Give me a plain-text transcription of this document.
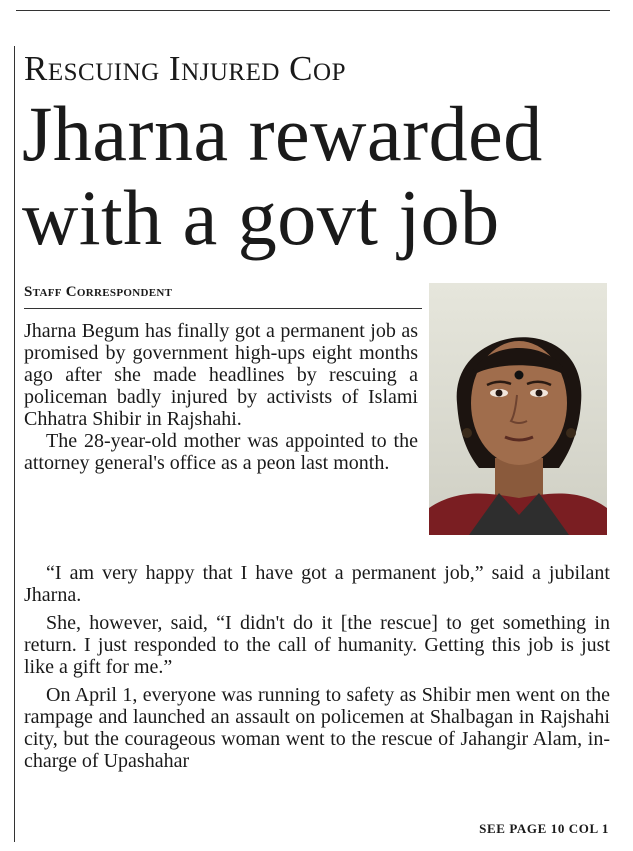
Rescuing Injured Cop
Jharna rewarded
with a govt job
Staff Correspondent

Jharna Begum has finally got a permanent job as promised by government high-ups eight months ago after she made headlines by rescuing a policeman badly injured by activists of Islami Chhatra Shibir in Rajshahi.

The 28-year-old mother was appointed to the attorney general's office as a peon last month.

“I am very happy that I have got a permanent job,” said a jubilant Jharna.

She, however, said, “I didn't do it [the rescue] to get something in return. I just responded to the call of humanity. Getting this job is just like a gift for me.”

On April 1, everyone was running to safety as Shibir men went on the rampage and launched an assault on policemen at Shalbagan in Rajshahi city, but the courageous woman went to the rescue of Jahangir Alam, in-charge of Upashahar

SEE PAGE 10 COL 1
